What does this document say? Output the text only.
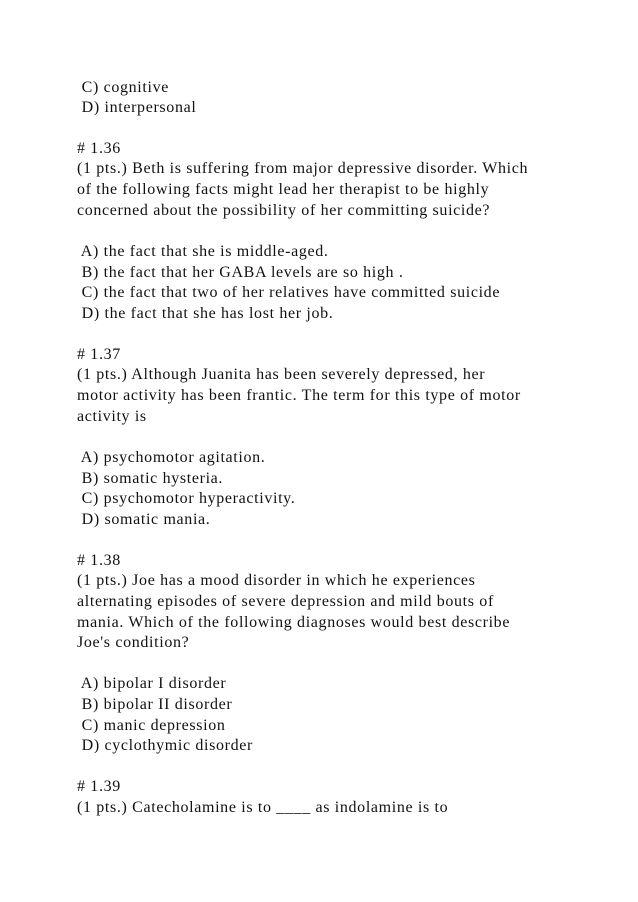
C) cognitive

D) interpersonal

# 1.36

(1 pts.) Beth is suffering from major depressive disorder. Which

of the following facts might lead her therapist to be highly

concerned about the possibility of her committing suicide?

A) the fact that she is middle-aged.

B) the fact that her GABA levels are so high .

C) the fact that two of her relatives have committed suicide

D) the fact that she has lost her job.

# 1.37

(1 pts.) Although Juanita has been severely depressed, her

motor activity has been frantic. The term for this type of motor

activity is

A) psychomotor agitation.

B) somatic hysteria.

C) psychomotor hyperactivity.

D) somatic mania.

# 1.38

(1 pts.) Joe has a mood disorder in which he experiences

alternating episodes of severe depression and mild bouts of

mania. Which of the following diagnoses would best describe

Joe's condition?

A) bipolar I disorder

B) bipolar II disorder

C) manic depression

D) cyclothymic disorder

# 1.39

(1 pts.) Catecholamine is to ____ as indolamine is to
